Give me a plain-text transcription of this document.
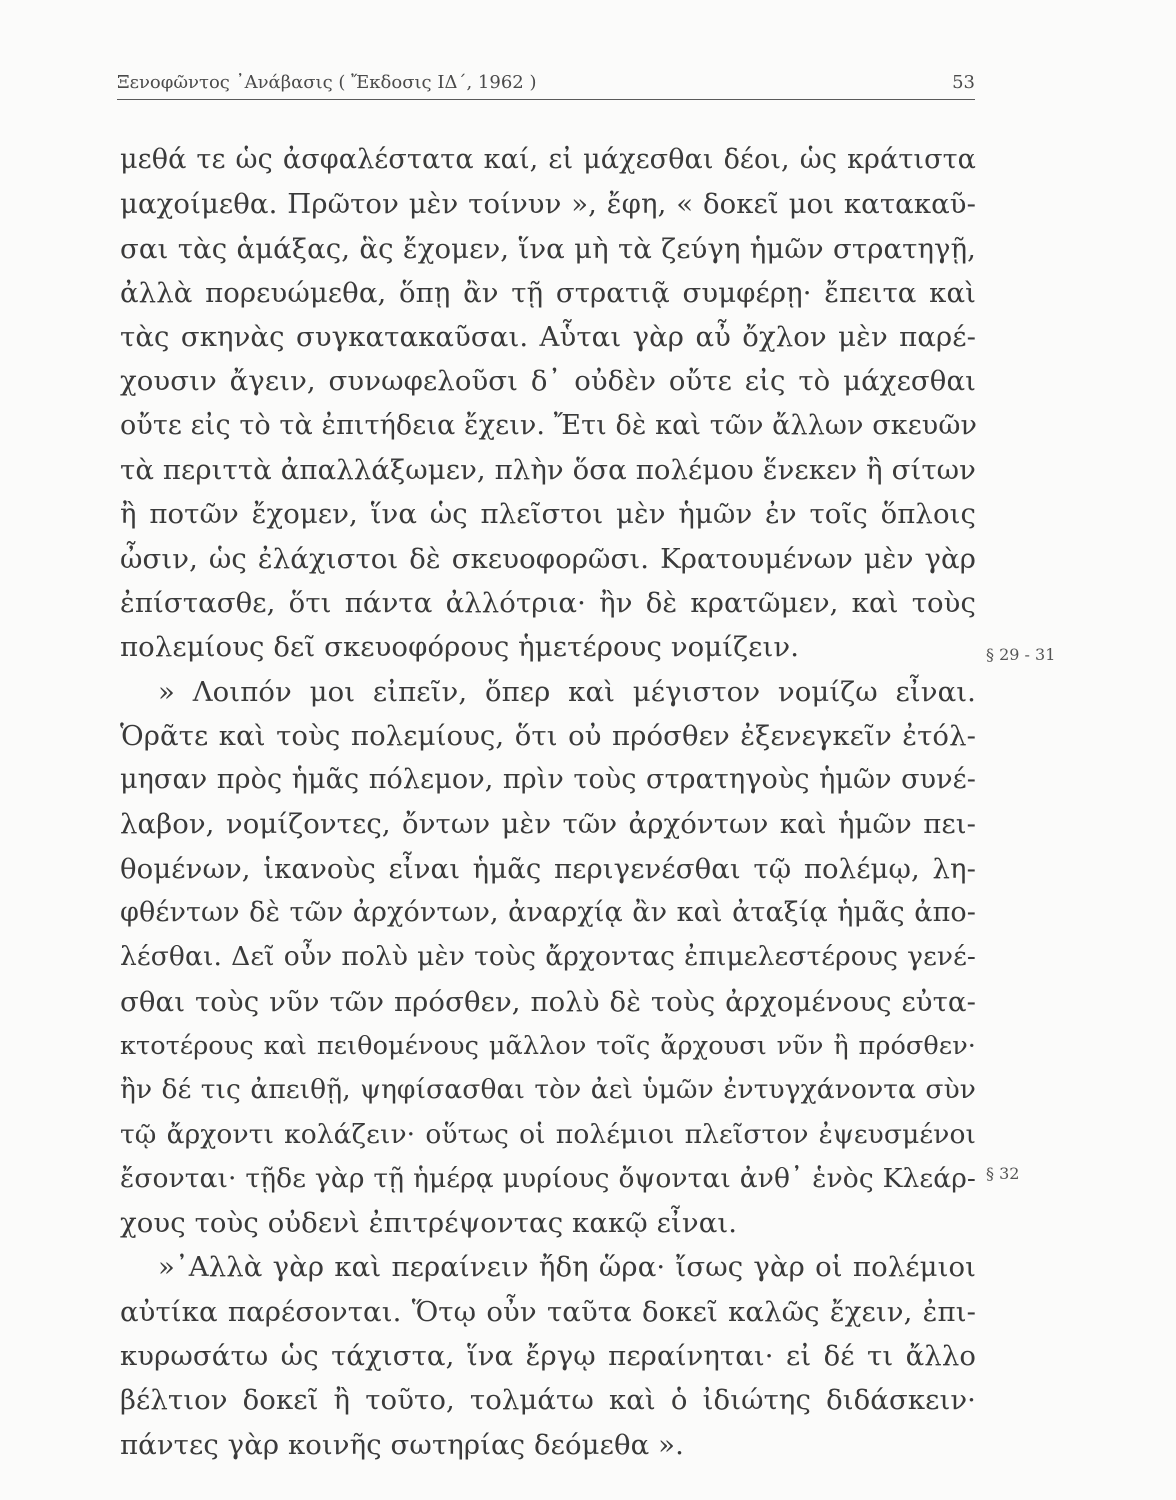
Ξενοφῶντος ᾿Ανάβασις ( Ἔκδοσις ΙΔ΄, 1962 )	53
μεθά τε ὡς ἀσφαλέστατα καί, εἰ μάχεσθαι δέοι, ὡς κράτιστα
μαχοίμεθα. Πρῶτον μὲν τοίνυν », ἔφη, « δοκεῖ μοι κατακαῦ-
σαι τὰς ἁμάξας, ἃς ἔχομεν, ἵνα μὴ τὰ ζεύγη ἡμῶν στρατηγῇ,
ἀλλὰ πορευώμεθα, ὅπῃ ἂν τῇ στρατιᾷ συμφέρῃ· ἔπειτα καὶ
τὰς σκηνὰς συγκατακαῦσαι. Αὗται γὰρ αὖ ὄχλον μὲν παρέ-
χουσιν ἄγειν, συνωφελοῦσι δ᾿ οὐδὲν οὔτε εἰς τὸ μάχεσθαι
οὔτε εἰς τὸ τὰ ἐπιτήδεια ἔχειν. Ἔτι δὲ καὶ τῶν ἄλλων σκευῶν
τὰ περιττὰ ἀπαλλάξωμεν, πλὴν ὅσα πολέμου ἕνεκεν ἢ σίτων
ἢ ποτῶν ἔχομεν, ἵνα ὡς πλεῖστοι μὲν ἡμῶν ἐν τοῖς ὅπλοις
ὦσιν, ὡς ἐλάχιστοι δὲ σκευοφορῶσι. Κρατουμένων μὲν γὰρ
ἐπίστασθε, ὅτι πάντα ἀλλότρια· ἢν δὲ κρατῶμεν, καὶ τοὺς
πολεμίους δεῖ σκευοφόρους ἡμετέρους νομίζειν.
» Λοιπόν μοι εἰπεῖν, ὅπερ καὶ μέγιστον νομίζω εἶναι.
Ὁρᾶτε καὶ τοὺς πολεμίους, ὅτι οὐ πρόσθεν ἐξενεγκεῖν ἐτόλ-
μησαν πρὸς ἡμᾶς πόλεμον, πρὶν τοὺς στρατηγοὺς ἡμῶν συνέ-
λαβον, νομίζοντες, ὄντων μὲν τῶν ἀρχόντων καὶ ἡμῶν πει-
θομένων, ἱκανοὺς εἶναι ἡμᾶς περιγενέσθαι τῷ πολέμῳ, λη-
φθέντων δὲ τῶν ἀρχόντων, ἀναρχίᾳ ἂν καὶ ἀταξίᾳ ἡμᾶς ἀπο-
λέσθαι. Δεῖ οὖν πολὺ μὲν τοὺς ἄρχοντας ἐπιμελεστέρους γενέ-
σθαι τοὺς νῦν τῶν πρόσθεν, πολὺ δὲ τοὺς ἀρχομένους εὐτα-
κτοτέρους καὶ πειθομένους μᾶλλον τοῖς ἄρχουσι νῦν ἢ πρόσθεν·
ἢν δέ τις ἀπειθῇ, ψηφίσασθαι τὸν ἀεὶ ὑμῶν ἐντυγχάνοντα σὺν
τῷ ἄρχοντι κολάζειν· οὕτως οἱ πολέμιοι πλεῖστον ἐψευσμένοι
ἔσονται· τῇδε γὰρ τῇ ἡμέρᾳ μυρίους ὄψονται ἀνθ᾿ ἑνὸς Κλεάρ-
χους τοὺς οὐδενὶ ἐπιτρέψοντας κακῷ εἶναι.
»᾿Αλλὰ γὰρ καὶ περαίνειν ἤδη ὥρα· ἴσως γὰρ οἱ πολέμιοι
αὐτίκα παρέσονται. Ὅτῳ οὖν ταῦτα δοκεῖ καλῶς ἔχειν, ἐπι-
κυρωσάτω ὡς τάχιστα, ἵνα ἔργῳ περαίνηται· εἰ δέ τι ἄλλο
βέλτιον δοκεῖ ἢ τοῦτο, τολμάτω καὶ ὁ ἰδιώτης διδάσκειν·
πάντες γὰρ κοινῆς σωτηρίας δεόμεθα ».
§ 29 - 31
§ 32
